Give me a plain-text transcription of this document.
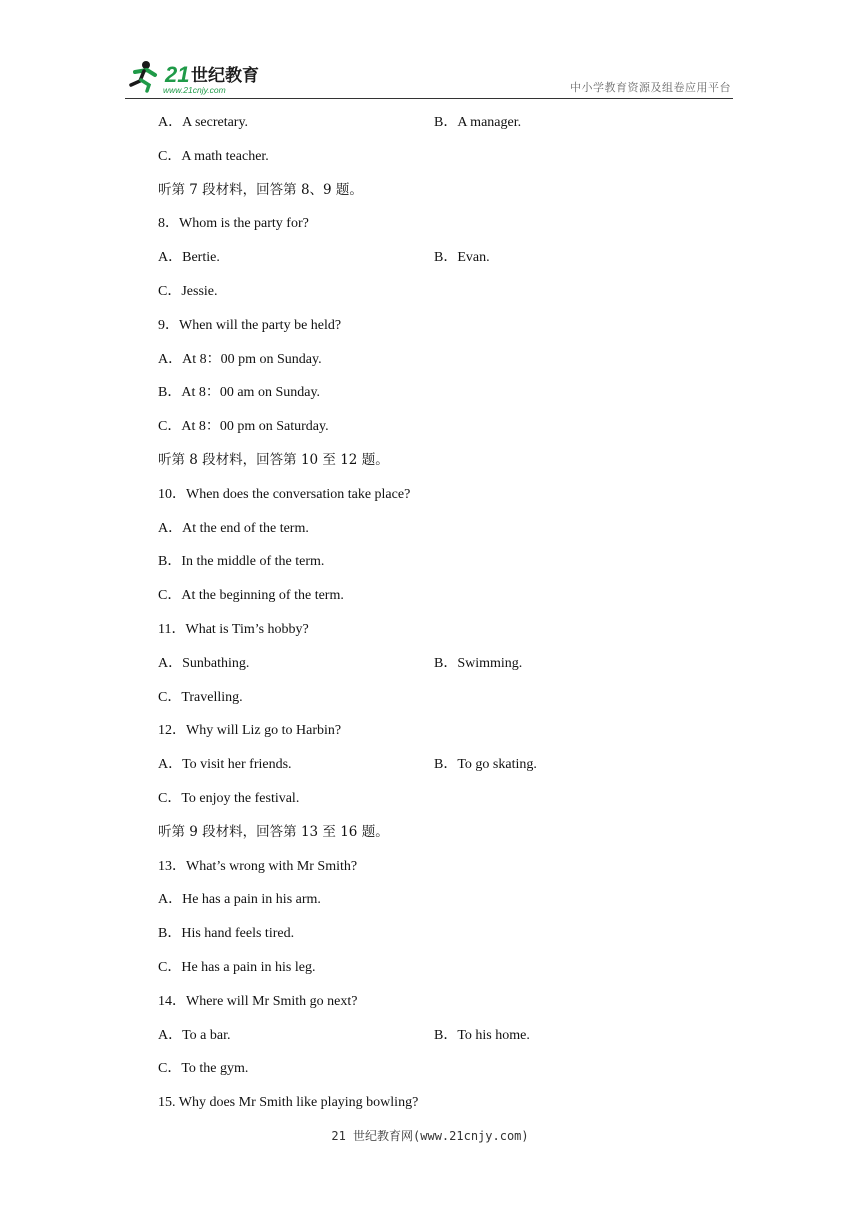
21 世纪教育
www.21cnjy.com	中小学教育资源及组卷应用平台
A．A secretary.	B．A manager.
C．A math teacher.
听第 7 段材料，回答第 8、9 题。
8．Whom is the party for?
A．Bertie.	B．Evan.
C．Jessie.
9．When will the party be held?
A．At 8：00 pm on Sunday.
B．At 8：00 am on Sunday.
C．At 8：00 pm on Saturday.
听第 8 段材料，回答第 10 至 12 题。
10．When does the conversation take place?
A．At the end of the term.
B．In the middle of the term.
C．At the beginning of the term.
11．What is Tim’s hobby?
A．Sunbathing.	B．Swimming.
C．Travelling.
12．Why will Liz go to Harbin?
A．To visit her friends.	B．To go skating.
C．To enjoy the festival.
听第 9 段材料，回答第 13 至 16 题。
13．What’s wrong with Mr Smith?
A．He has a pain in his arm.
B．His hand feels tired.
C．He has a pain in his leg.
14．Where will Mr Smith go next?
A．To a bar.	B．To his home.
C．To the gym.
15. Why does Mr Smith like playing bowling?
21 世纪教育网(www.21cnjy.com)
